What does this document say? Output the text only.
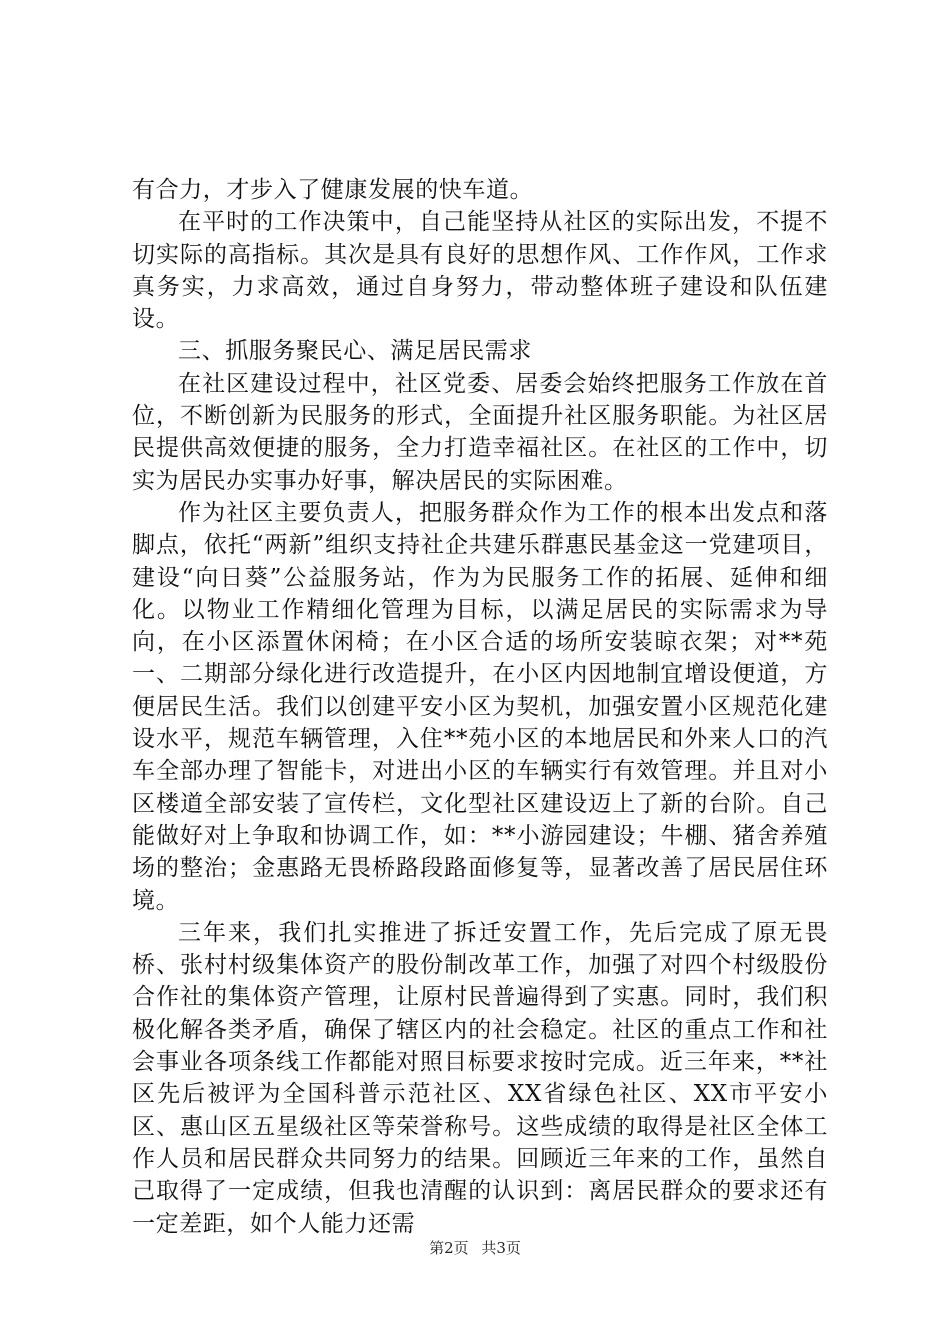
有合力，才步入了健康发展的快车道。

在平时的工作决策中，自己能坚持从社区的实际出发，不提不切实际的高指标。其次是具有良好的思想作风、工作作风，工作求真务实，力求高效，通过自身努力，带动整体班子建设和队伍建设。

三、抓服务聚民心、满足居民需求

在社区建设过程中，社区党委、居委会始终把服务工作放在首位，不断创新为民服务的形式，全面提升社区服务职能。为社区居民提供高效便捷的服务，全力打造幸福社区。在社区的工作中，切实为居民办实事办好事，解决居民的实际困难。

作为社区主要负责人，把服务群众作为工作的根本出发点和落脚点，依托“两新”组织支持社企共建乐群惠民基金这一党建项目，建设“向日葵”公益服务站，作为为民服务工作的拓展、延伸和细化。以物业工作精细化管理为目标，以满足居民的实际需求为导向，在小区添置休闲椅；在小区合适的场所安装晾衣架；对**苑一、二期部分绿化进行改造提升，在小区内因地制宜增设便道，方便居民生活。我们以创建平安小区为契机，加强安置小区规范化建设水平，规范车辆管理，入住**苑小区的本地居民和外来人口的汽车全部办理了智能卡，对进出小区的车辆实行有效管理。并且对小区楼道全部安装了宣传栏，文化型社区建设迈上了新的台阶。自己能做好对上争取和协调工作，如：**小游园建设；牛棚、猪舍养殖场的整治；金惠路无畏桥路段路面修复等，显著改善了居民居住环境。

三年来，我们扎实推进了拆迁安置工作，先后完成了原无畏桥、张村村级集体资产的股份制改革工作，加强了对四个村级股份合作社的集体资产管理，让原村民普遍得到了实惠。同时，我们积极化解各类矛盾，确保了辖区内的社会稳定。社区的重点工作和社会事业各项条线工作都能对照目标要求按时完成。近三年来，**社区先后被评为全国科普示范社区、XX省绿色社区、XX市平安小区、惠山区五星级社区等荣誉称号。这些成绩的取得是社区全体工作人员和居民群众共同努力的结果。回顾近三年来的工作，虽然自己取得了一定成绩，但我也清醒的认识到：离居民群众的要求还有一定差距，如个人能力还需

第2页 共3页
